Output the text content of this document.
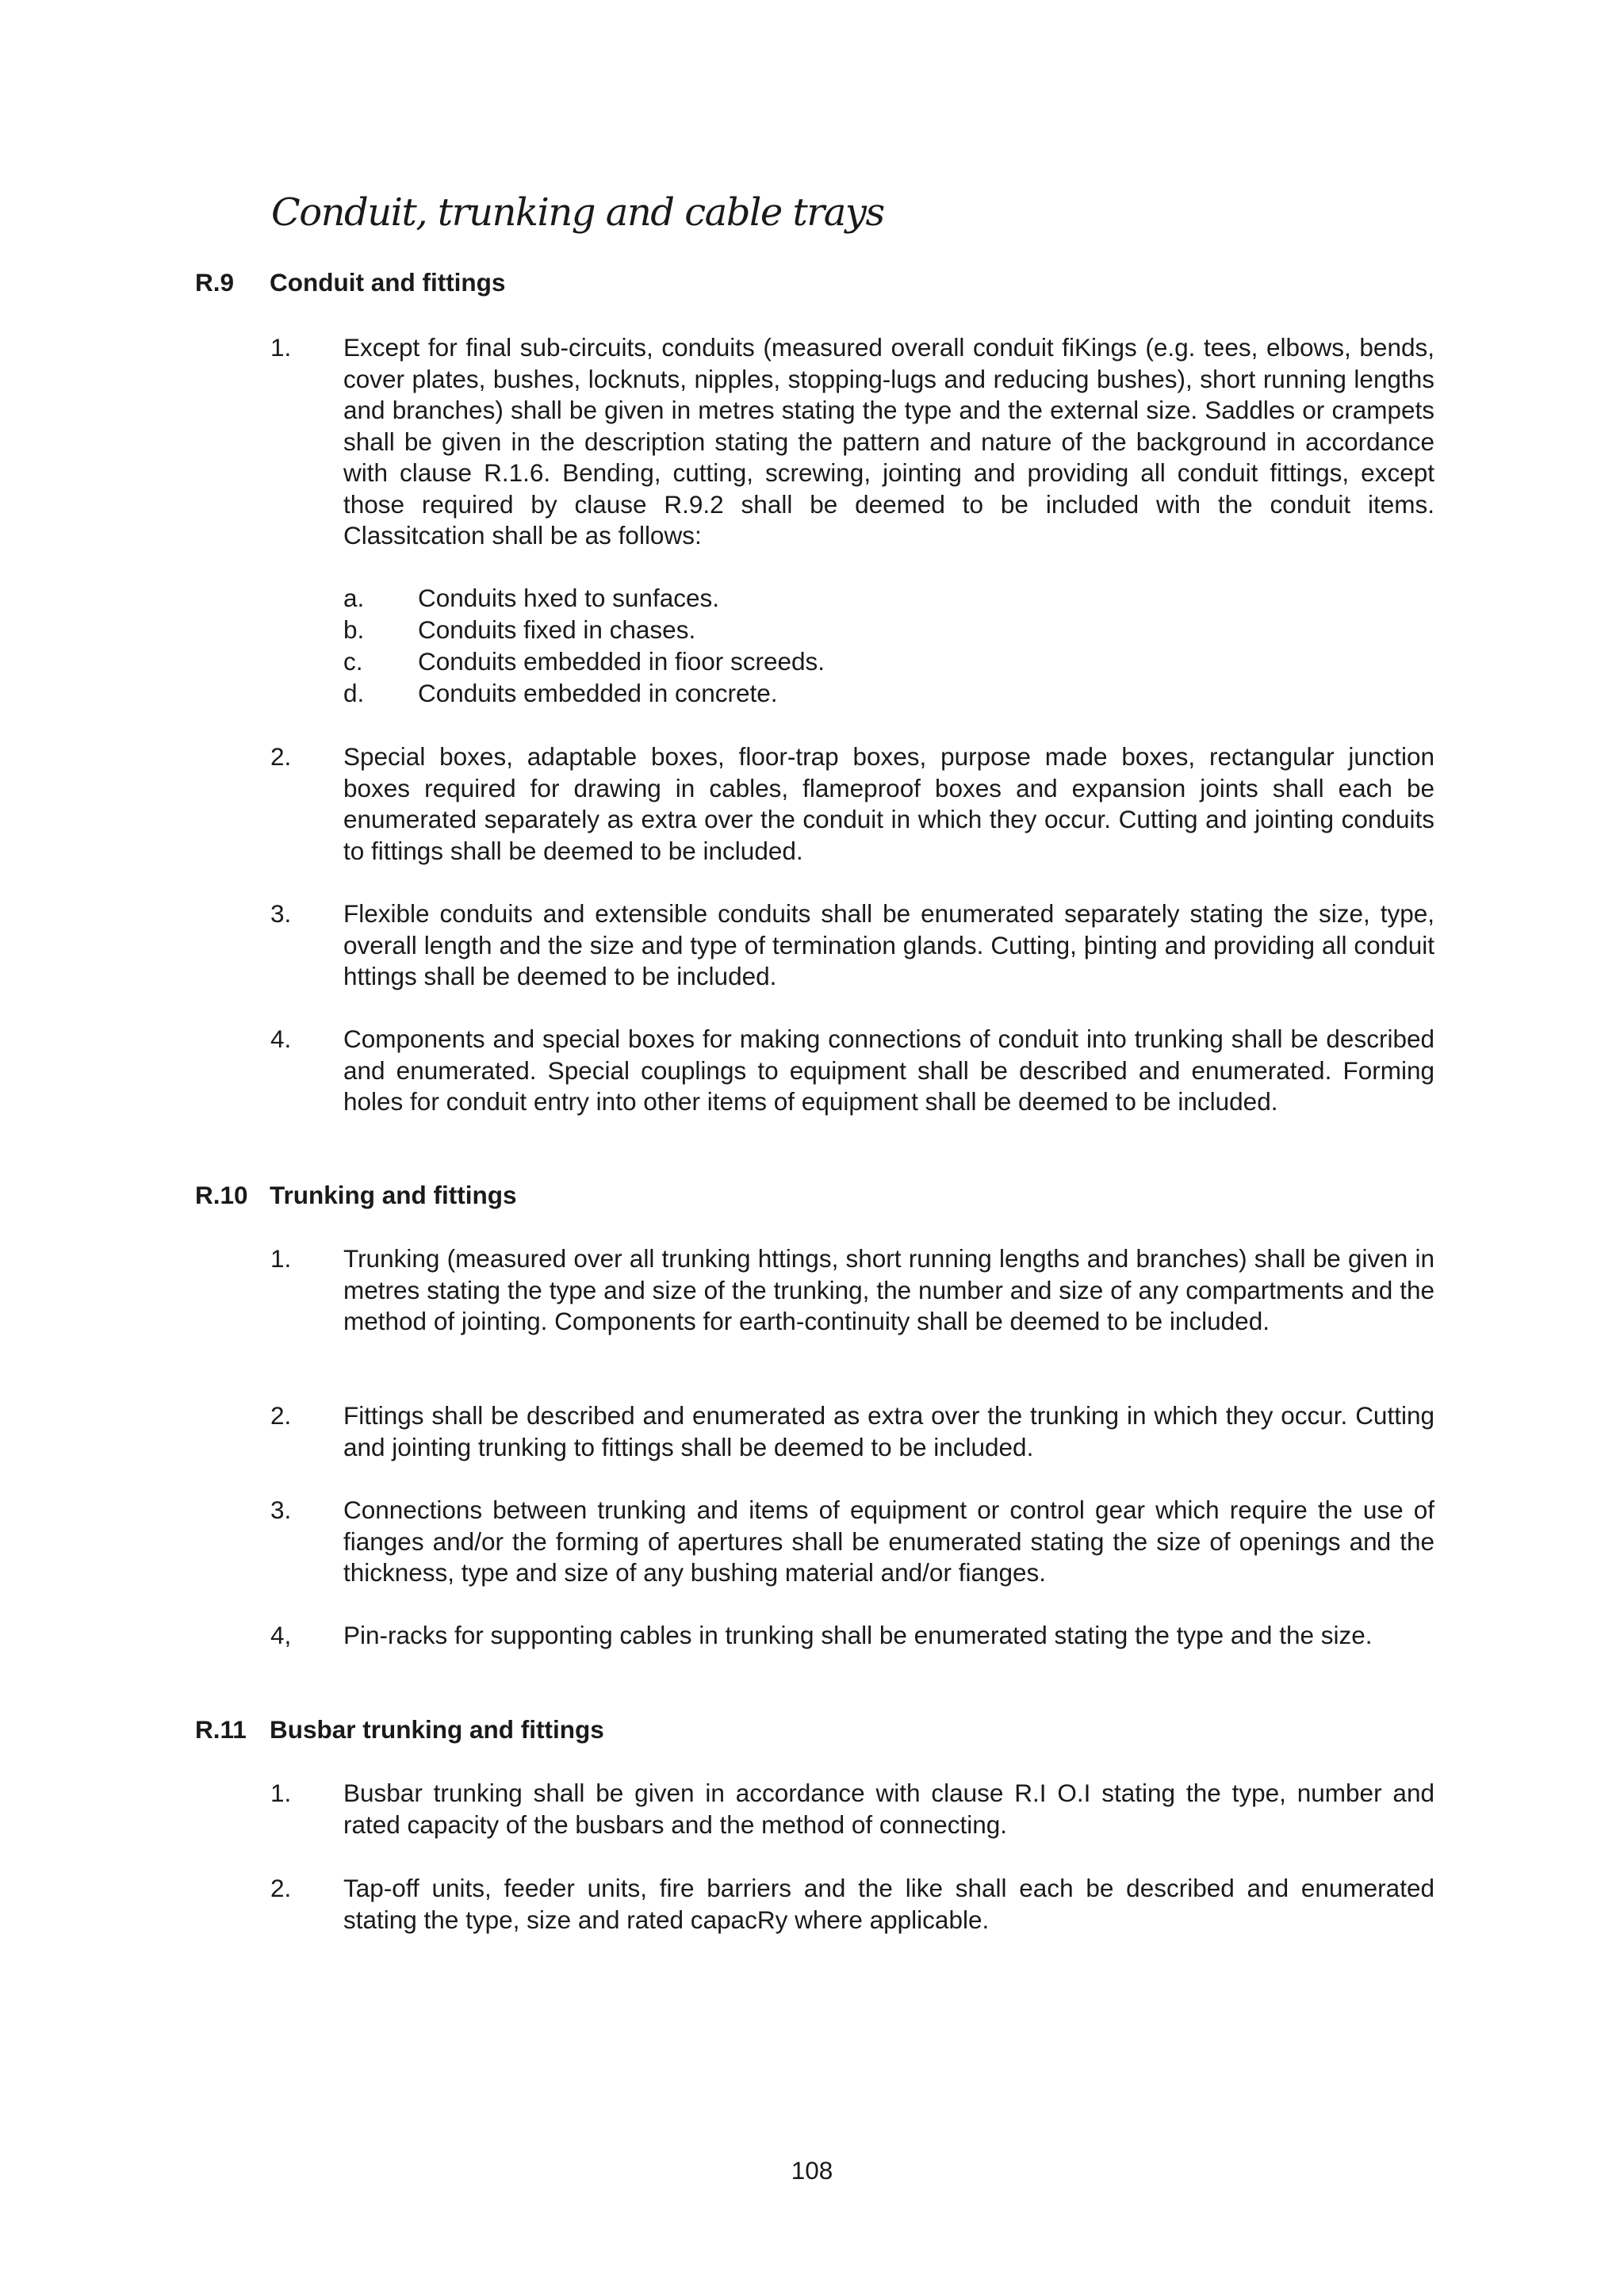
Conduit, trunking and cable trays
R.9 Conduit and fittings
1. Except for final sub-circuits, conduits (measured overall conduit fiKings (e.g. tees, elbows, bends, cover plates, bushes, locknuts, nipples, stopping-lugs and reducing bushes), short running lengths and branches) shall be given in metres stating the type and the external size. Saddles or crampets shall be given in the description stating the pattern and nature of the background in accordance with clause R.1.6. Bending, cutting, screwing, jointing and providing all conduit fittings, except those required by clause R.9.2 shall be deemed to be included with the conduit items. Classitcation shall be as follows:
a. Conduits hxed to sunfaces.
b. Conduits fixed in chases.
c. Conduits embedded in fioor screeds.
d. Conduits embedded in concrete.
2. Special boxes, adaptable boxes, floor-trap boxes, purpose made boxes, rectangular junction boxes required for drawing in cables, flameproof boxes and expansion joints shall each be enumerated separately as extra over the conduit in which they occur. Cutting and jointing conduits to fittings shall be deemed to be included.
3. Flexible conduits and extensible conduits shall be enumerated separately stating the size, type, overall length and the size and type of termination glands. Cutting, þinting and providing all conduit httings shall be deemed to be included.
4. Components and special boxes for making connections of conduit into trunking shall be described and enumerated. Special couplings to equipment shall be described and enumerated. Forming holes for conduit entry into other items of equipment shall be deemed to be included.
R.10 Trunking and fittings
1. Trunking (measured over all trunking httings, short running lengths and branches) shall be given in metres stating the type and size of the trunking, the number and size of any compartments and the method of jointing. Components for earth-continuity shall be deemed to be included.
2. Fittings shall be described and enumerated as extra over the trunking in which they occur. Cutting and jointing trunking to fittings shall be deemed to be included.
3. Connections between trunking and items of equipment or control gear which require the use of fianges and/or the forming of apertures shall be enumerated stating the size of openings and the thickness, type and size of any bushing material and/or fianges.
4, Pin-racks for supponting cables in trunking shall be enumerated stating the type and the size.
R.11 Busbar trunking and fittings
1. Busbar trunking shall be given in accordance with clause R.I O.I stating the type, number and rated capacity of the busbars and the method of connecting.
2. Tap-off units, feeder units, fire barriers and the like shall each be described and enumerated stating the type, size and rated capacRy where applicable.
108
